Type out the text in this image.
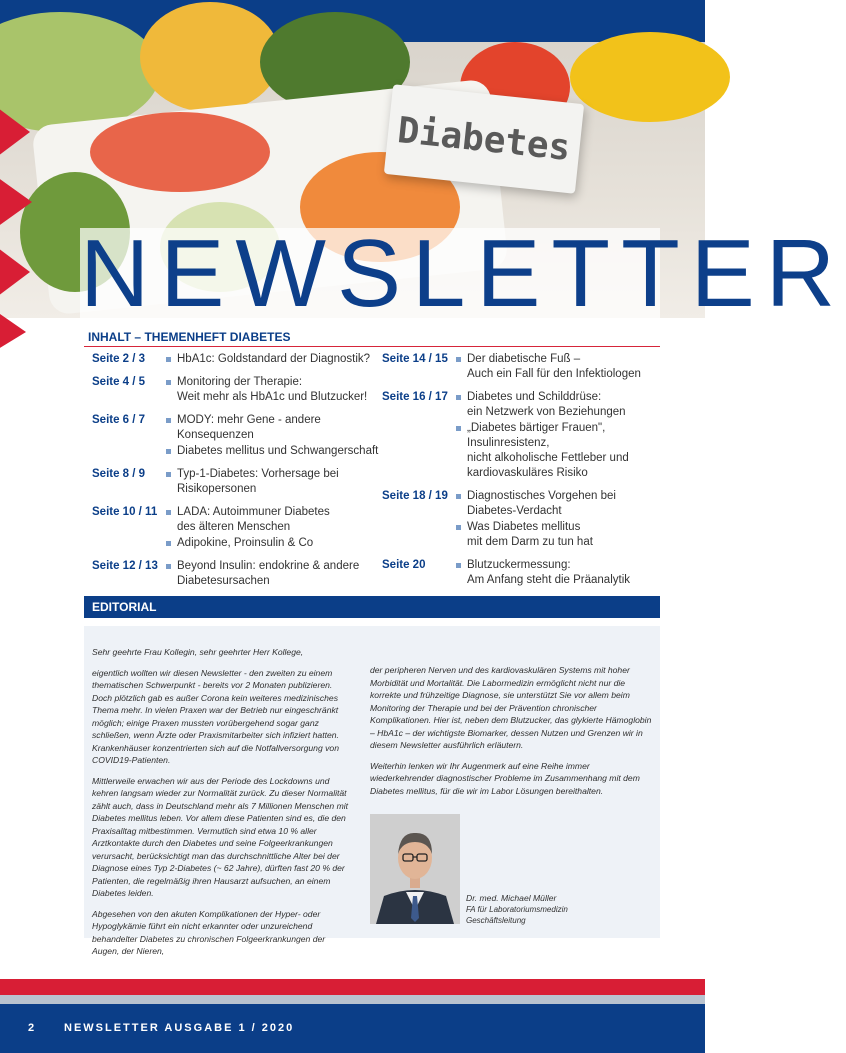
Diabetes
NEWSLETTER
INHALT – THEMENHEFT DIABETES
Seite 2 / 3	HbA1c: Goldstandard der Diagnostik?
Seite 4 / 5	Monitoring der Therapie:
Weit mehr als HbA1c und Blutzucker!
Seite 6 / 7	MODY: mehr Gene - andere Konsequenzen
Diabetes mellitus und Schwangerschaft
Seite 8 / 9	Typ-1-Diabetes: Vorhersage bei Risikopersonen
Seite 10 / 11	LADA: Autoimmuner Diabetes
des älteren Menschen
Adipokine, Proinsulin & Co
Seite 12 / 13	Beyond Insulin: endokrine & andere
Diabetesursachen
Seite 14 / 15	Der diabetische Fuß –
Auch ein Fall für den Infektiologen
Seite 16 / 17	Diabetes und Schilddrüse:
ein Netzwerk von Beziehungen
„Diabetes bärtiger Frauen", Insulinresistenz,
nicht alkoholische Fettleber und
kardiovaskuläres Risiko
Seite 18 / 19	Diagnostisches Vorgehen bei
Diabetes-Verdacht
Was Diabetes mellitus
mit dem Darm zu tun hat
Seite 20	Blutzuckermessung:
Am Anfang steht die Präanalytik
EDITORIAL

Sehr geehrte Frau Kollegin, sehr geehrter Herr Kollege,

eigentlich wollten wir diesen Newsletter - den zweiten zu einem thematischen Schwerpunkt - bereits vor 2 Monaten publizieren. Doch plötzlich gab es außer Corona kein weiteres medizinisches Thema mehr. In vielen Praxen war der Betrieb nur eingeschränkt möglich; einige Praxen mussten vorübergehend sogar ganz schließen, wenn Ärzte oder Praxismitarbeiter sich infiziert hatten. Krankenhäuser konzentrierten sich auf die Notfallversorgung von COVID19-Patienten.

Mittlerweile erwachen wir aus der Periode des Lockdowns und kehren langsam wieder zur Normalität zurück. Zu dieser Normalität zählt auch, dass in Deutschland mehr als 7 Millionen Menschen mit Diabetes mellitus leben. Vor allem diese Patienten sind es, die den Praxisalltag mitbestimmen. Vermutlich sind etwa 10 % aller Arztkontakte durch den Diabetes und seine Folgeerkrankungen verursacht, berücksichtigt man das durchschnittliche Alter bei der Diagnose eines Typ 2-Diabetes (~ 62 Jahre), dürften fast 20 % der Patienten, die regelmäßig ihren Hausarzt aufsuchen, an einem Diabetes leiden.

Abgesehen von den akuten Komplikationen der Hyper- oder Hypoglykämie führt ein nicht erkannter oder unzureichend behandelter Diabetes zu chronischen Folgeerkrankungen der Augen, der Nieren,

der peripheren Nerven und des kardiovaskulären Systems mit hoher Morbidität und Mortalität. Die Labormedizin ermöglicht nicht nur die korrekte und frühzeitige Diagnose, sie unterstützt Sie vor allem beim Monitoring der Therapie und bei der Prävention chronischer Komplikationen. Hier ist, neben dem Blutzucker, das glykierte Hämoglobin – HbA1c – der wichtigste Biomarker, dessen Nutzen und Grenzen wir in diesem Newsletter ausführlich erläutern.

Weiterhin lenken wir Ihr Augenmerk auf eine Reihe immer wiederkehrender diagnostischer Probleme im Zusammenhang mit dem Diabetes mellitus, für die wir im Labor Lösungen bereithalten.

Dr. med. Michael Müller
FA für Laboratoriumsmedizin
Geschäftsleitung
2	NEWSLETTER AUSGABE 1 / 2020
